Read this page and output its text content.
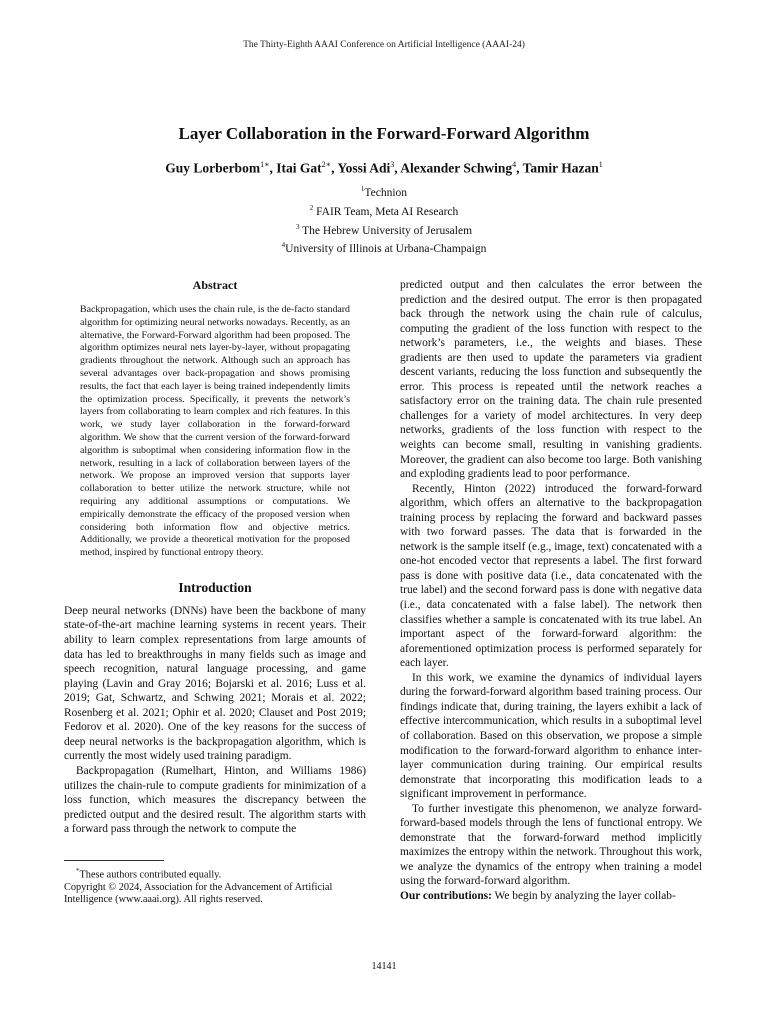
The Thirty-Eighth AAAI Conference on Artificial Intelligence (AAAI-24)
Layer Collaboration in the Forward-Forward Algorithm
Guy Lorberbom$^{1∗}$, Itai Gat$^{2∗}$, Yossi Adi$^3$, Alexander Schwing$^4$, Tamir Hazan$^1$
$^1$Technion
$^2$ FAIR Team, Meta AI Research
$^3$ The Hebrew University of Jerusalem
$^4$University of Illinois at Urbana-Champaign
Abstract

Backpropagation, which uses the chain rule, is the de-facto standard algorithm for optimizing neural networks nowadays. Recently, as an alternative, the Forward-Forward algorithm had been proposed. The algorithm optimizes neural nets layer-by-layer, without propagating gradients throughout the network. Although such an approach has several advantages over back-propagation and shows promising results, the fact that each layer is being trained independently limits the optimization process. Specifically, it prevents the network’s layers from collaborating to learn complex and rich features. In this work, we study layer collaboration in the forward-forward algorithm. We show that the current version of the forward-forward algorithm is suboptimal when considering information flow in the network, resulting in a lack of collaboration between layers of the network. We propose an improved version that supports layer collaboration to better utilize the network structure, while not requiring any additional assumptions or computations. We empirically demonstrate the efficacy of the proposed version when considering both information flow and objective metrics. Additionally, we provide a theoretical motivation for the proposed method, inspired by functional entropy theory.

Introduction

Deep neural networks (DNNs) have been the backbone of many state-of-the-art machine learning systems in recent years. Their ability to learn complex representations from large amounts of data has led to breakthroughs in many fields such as image and speech recognition, natural language processing, and game playing (Lavin and Gray 2016; Bojarski et al. 2016; Luss et al. 2019; Gat, Schwartz, and Schwing 2021; Morais et al. 2022; Rosenberg et al. 2021; Ophir et al. 2020; Clauset and Post 2019; Fedorov et al. 2020). One of the key reasons for the success of deep neural networks is the backpropagation algorithm, which is currently the most widely used training paradigm.

Backpropagation (Rumelhart, Hinton, and Williams 1986) utilizes the chain-rule to compute gradients for minimization of a loss function, which measures the discrepancy between the predicted output and the desired result. The algorithm starts with a forward pass through the network to compute the

*These authors contributed equally.
Copyright © 2024, Association for the Advancement of Artificial Intelligence (www.aaai.org). All rights reserved.

predicted output and then calculates the error between the prediction and the desired output. The error is then propagated back through the network using the chain rule of calculus, computing the gradient of the loss function with respect to the network’s parameters, i.e., the weights and biases. These gradients are then used to update the parameters via gradient descent variants, reducing the loss function and subsequently the error. This process is repeated until the network reaches a satisfactory error on the training data. The chain rule presented challenges for a variety of model architectures. In very deep networks, gradients of the loss function with respect to the weights can become small, resulting in vanishing gradients. Moreover, the gradient can also become too large. Both vanishing and exploding gradients lead to poor performance.

Recently, Hinton (2022) introduced the forward-forward algorithm, which offers an alternative to the backpropagation training process by replacing the forward and backward passes with two forward passes. The data that is forwarded in the network is the sample itself (e.g., image, text) concatenated with a one-hot encoded vector that represents a label. The first forward pass is done with positive data (i.e., data concatenated with the true label) and the second forward pass is done with negative data (i.e., data concatenated with a false label). The network then classifies whether a sample is concatenated with its true label. An important aspect of the forward-forward algorithm: the aforementioned optimization process is performed separately for each layer.

In this work, we examine the dynamics of individual layers during the forward-forward algorithm based training process. Our findings indicate that, during training, the layers exhibit a lack of effective intercommunication, which results in a suboptimal level of collaboration. Based on this observation, we propose a simple modification to the forward-forward algorithm to enhance inter-layer communication during training. Our empirical results demonstrate that incorporating this modification leads to a significant improvement in performance.

To further investigate this phenomenon, we analyze forward-forward-based models through the lens of functional entropy. We demonstrate that the forward-forward method implicitly maximizes the entropy within the network. Throughout this work, we analyze the dynamics of the entropy when training a model using the forward-forward algorithm.

Our contributions: We begin by analyzing the layer collab-

14141
